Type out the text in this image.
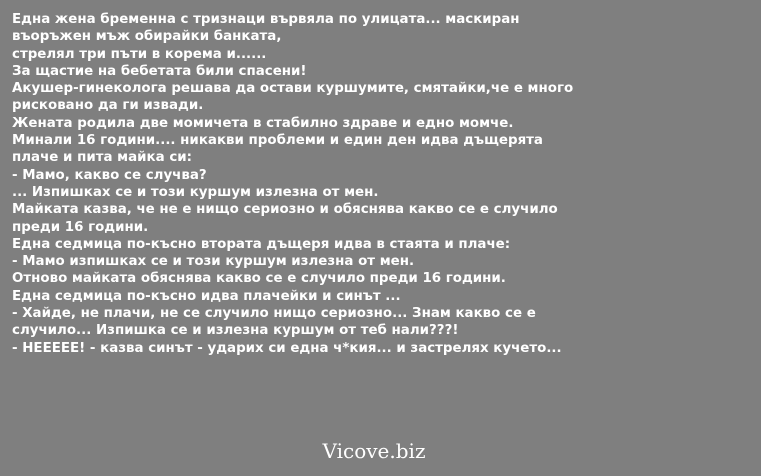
Една жена бременна с тризнаци вървяла по улицата... маскиран
въоръжен мъж обирайки банката,
стрелял три пъти в корема и......
За щастие на бебетата били спасени!
Акушер-гинеколога решава да остави куршумите, смятайки,че е много
рисковано да ги извади.
Жената родила две момичета в стабилно здраве и едно момче.
Минали 16 години.... никакви проблеми и един ден идва дъщерята
плаче и пита майка си:
- Мамо, какво се случва?
... Изпишках се и този куршум излезна от мен.
Майката казва, че не е нищо сериозно и обяснява какво се е случило
преди 16 години.
Една седмица по-късно втората дъщеря идва в стаята и плаче:
- Мамо изпишках се и този куршум излезна от мен.
Отново майката обяснява какво се е случило преди 16 години.
Една седмица по-късно идва плачейки и синът ...
- Хайде, не плачи, не се случило нищо сериозно... Знам какво се е
случило... Изпишка се и излезна куршум от теб нали???!
- НЕЕЕЕЕ! - казва синът - ударих си една ч*кия... и застрелях кучето...
Vicove.biz
